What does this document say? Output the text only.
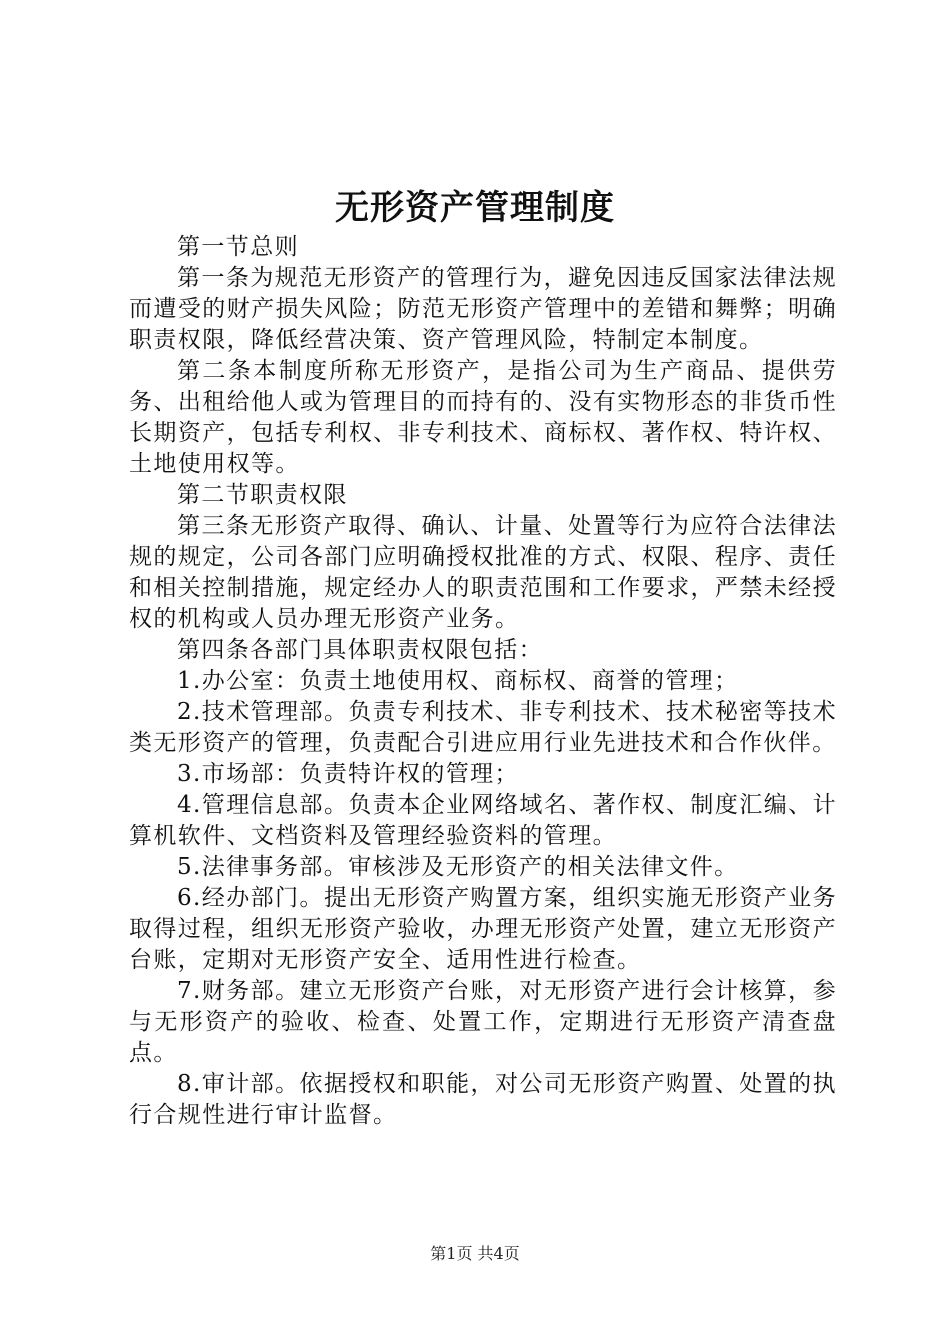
无形资产管理制度

第一节总则

第一条为规范无形资产的管理行为，避免因违反国家法律法规而遭受的财产损失风险；防范无形资产管理中的差错和舞弊；明确职责权限，降低经营决策、资产管理风险，特制定本制度。

第二条本制度所称无形资产，是指公司为生产商品、提供劳务、出租给他人或为管理目的而持有的、没有实物形态的非货币性长期资产，包括专利权、非专利技术、商标权、著作权、特许权、土地使用权等。

第二节职责权限

第三条无形资产取得、确认、计量、处置等行为应符合法律法规的规定，公司各部门应明确授权批准的方式、权限、程序、责任和相关控制措施，规定经办人的职责范围和工作要求，严禁未经授权的机构或人员办理无形资产业务。

第四条各部门具体职责权限包括：

1.办公室：负责土地使用权、商标权、商誉的管理；

2.技术管理部。负责专利技术、非专利技术、技术秘密等技术类无形资产的管理，负责配合引进应用行业先进技术和合作伙伴。

3.市场部：负责特许权的管理；

4.管理信息部。负责本企业网络域名、著作权、制度汇编、计算机软件、文档资料及管理经验资料的管理。

5.法律事务部。审核涉及无形资产的相关法律文件。

6.经办部门。提出无形资产购置方案，组织实施无形资产业务取得过程，组织无形资产验收，办理无形资产处置，建立无形资产台账，定期对无形资产安全、适用性进行检查。

7.财务部。建立无形资产台账，对无形资产进行会计核算，参与无形资产的验收、检查、处置工作，定期进行无形资产清查盘点。

8.审计部。依据授权和职能，对公司无形资产购置、处置的执行合规性进行审计监督。

第1页 共4页
